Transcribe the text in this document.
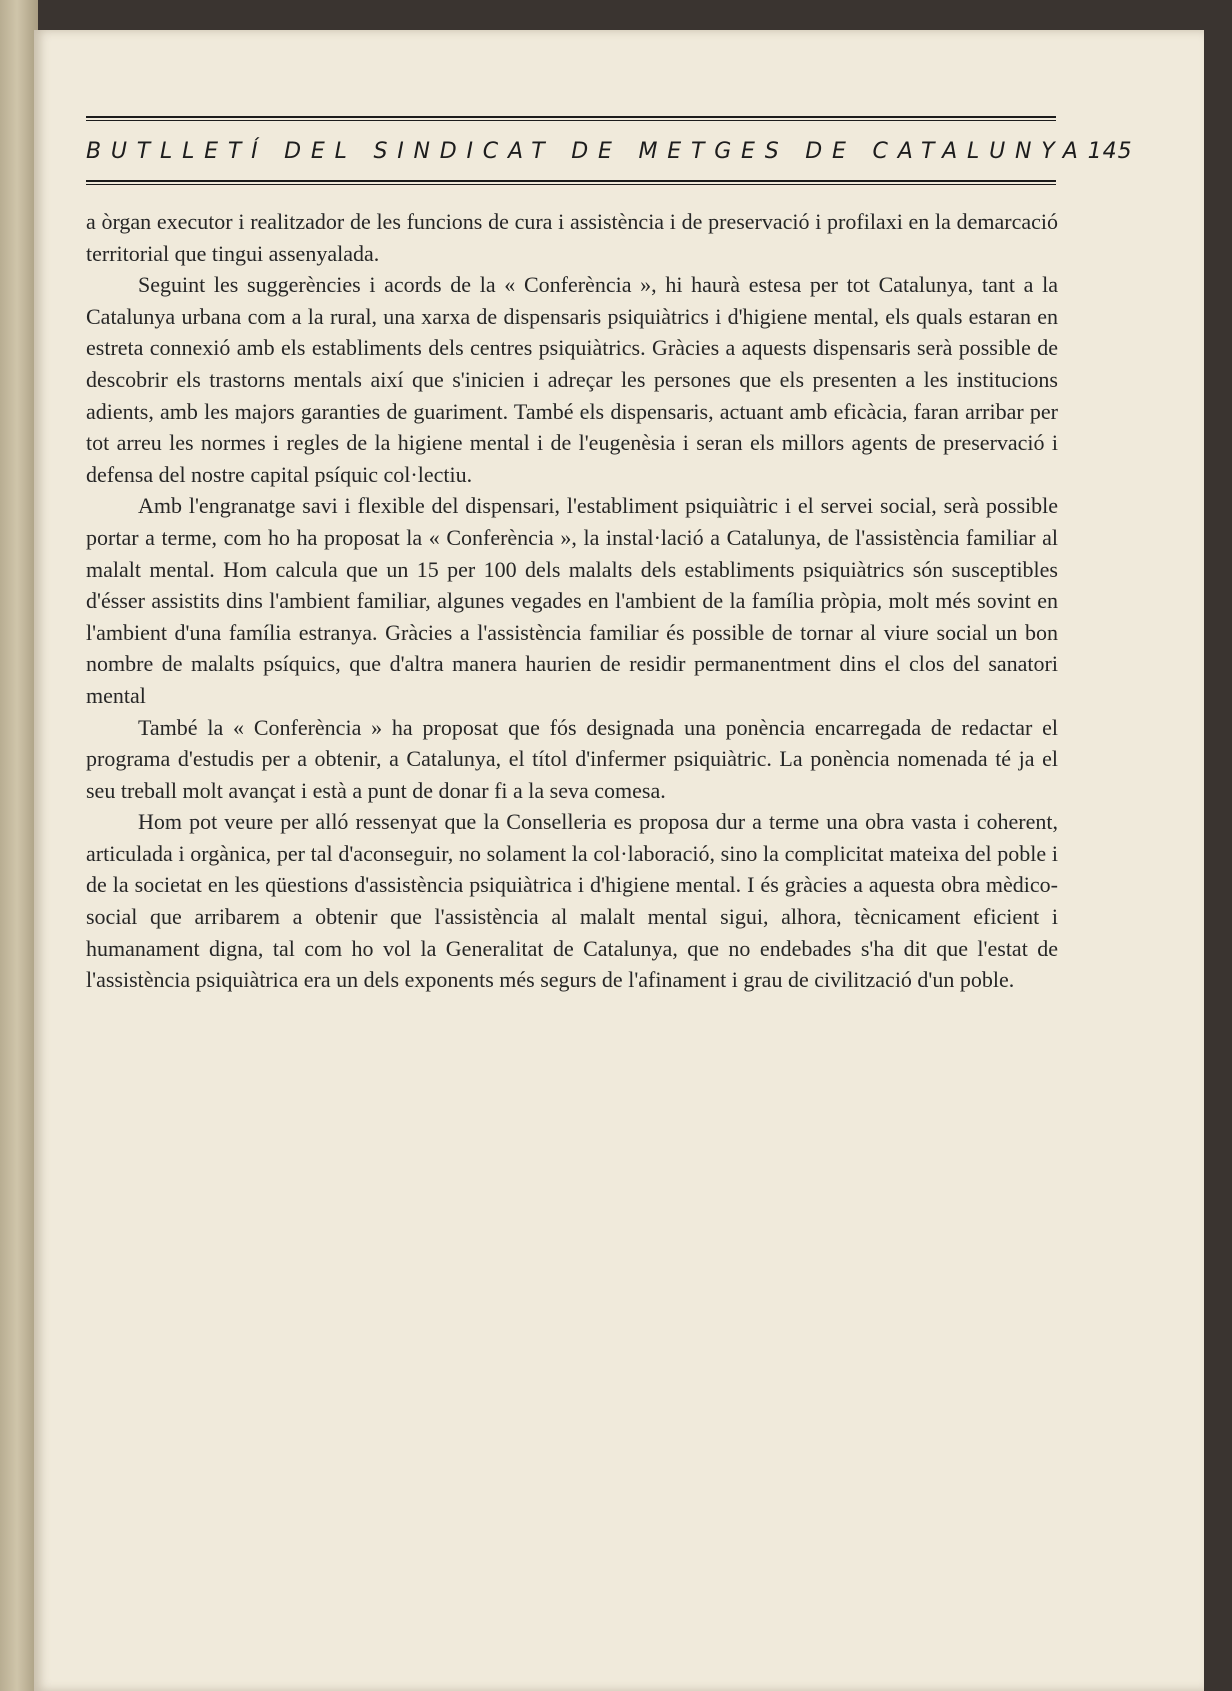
BUTLLETÍ DEL SINDICAT DE METGES DE CATALUNYA 145

a òrgan executor i realitzador de les funcions de cura i assistència i de preservació i profilaxi en la demarcació territorial que tingui assenyalada.

Seguint les suggerències i acords de la « Conferència », hi haurà estesa per tot Catalunya, tant a la Catalunya urbana com a la rural, una xarxa de dispensaris psiquiàtrics i d'higiene mental, els quals estaran en estreta connexió amb els establiments dels centres psiquiàtrics. Gràcies a aquests dispensaris serà possible de descobrir els trastorns mentals així que s'inicien i adreçar les persones que els presenten a les institucions adients, amb les majors garanties de guariment. També els dispensaris, actuant amb eficàcia, faran arribar per tot arreu les normes i regles de la higiene mental i de l'eugenèsia i seran els millors agents de preservació i defensa del nostre capital psíquic col·lectiu.

Amb l'engranatge savi i flexible del dispensari, l'establiment psiquiàtric i el servei social, serà possible portar a terme, com ho ha proposat la « Conferència », la instal·lació a Catalunya, de l'assistència familiar al malalt mental. Hom calcula que un 15 per 100 dels malalts dels establiments psiquiàtrics són susceptibles d'ésser assistits dins l'ambient familiar, algunes vegades en l'ambient de la família pròpia, molt més sovint en l'ambient d'una família estranya. Gràcies a l'assistència familiar és possible de tornar al viure social un bon nombre de malalts psíquics, que d'altra manera haurien de residir permanentment dins el clos del sanatori mental

També la « Conferència » ha proposat que fós designada una ponència encarregada de redactar el programa d'estudis per a obtenir, a Catalunya, el títol d'infermer psiquiàtric. La ponència nomenada té ja el seu treball molt avançat i està a punt de donar fi a la seva comesa.

Hom pot veure per alló ressenyat que la Conselleria es proposa dur a terme una obra vasta i coherent, articulada i orgànica, per tal d'aconseguir, no solament la col·laboració, sino la complicitat mateixa del poble i de la societat en les qüestions d'assistència psiquiàtrica i d'higiene mental. I és gràcies a aquesta obra mèdico-social que arribarem a obtenir que l'assistència al malalt mental sigui, alhora, tècnicament eficient i humanament digna, tal com ho vol la Generalitat de Catalunya, que no endebades s'ha dit que l'estat de l'assistència psiquiàtrica era un dels exponents més segurs de l'afinament i grau de civilització d'un poble.
